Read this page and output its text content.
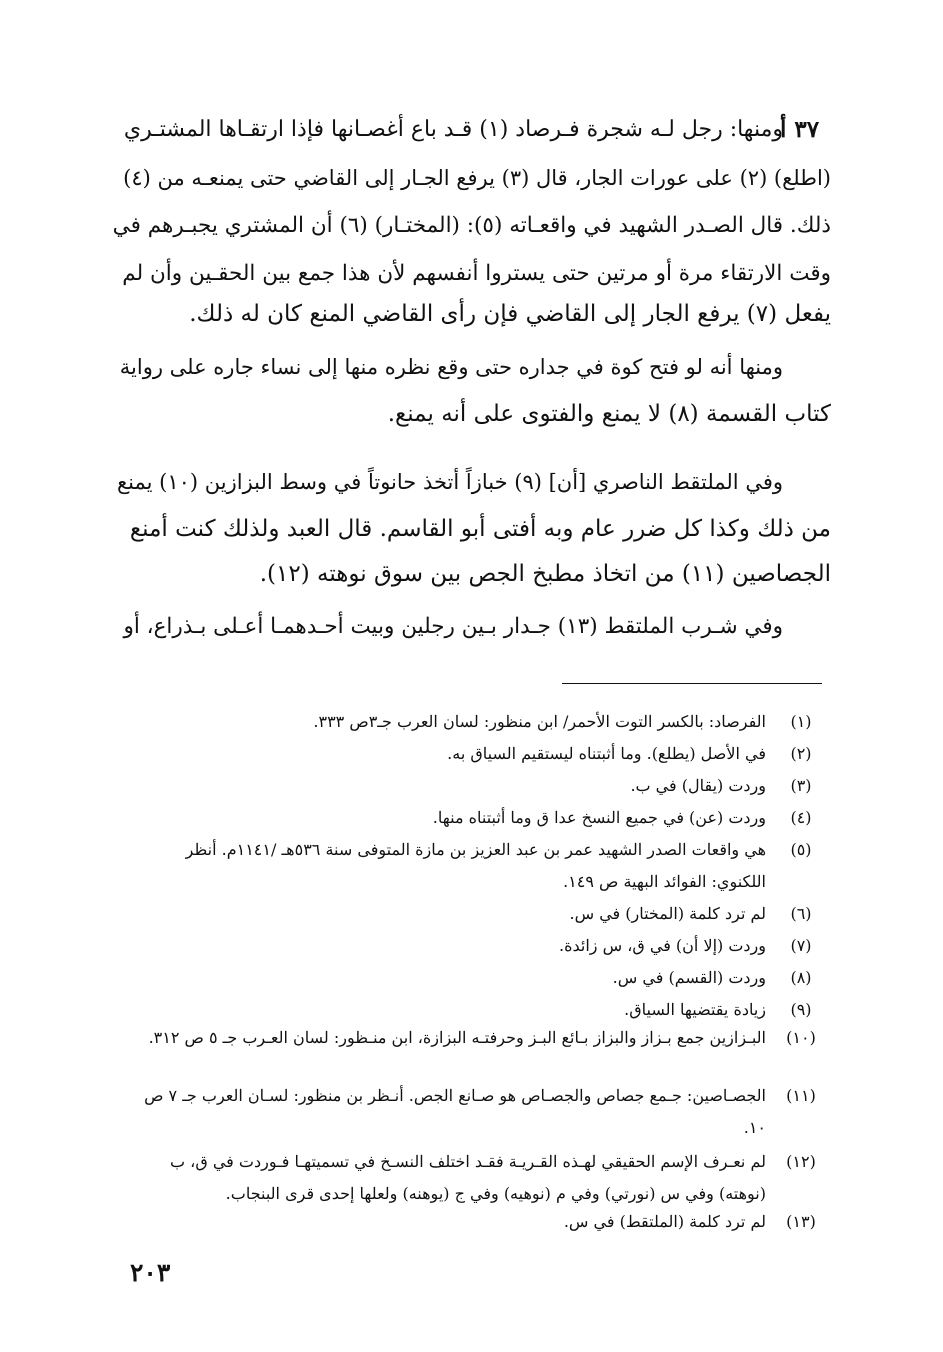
٣٧ أ
ومنها: رجل لـه شجرة فـرصاد (١) قـد باع أغصـانها فإذا ارتقـاها المشتـري
(اطلع) (٢) على عورات الجار، قال (٣) يرفع الجـار إلى القاضي حتى يمنعـه من (٤)
ذلك. قال الصـدر الشهيد في واقعـاته (٥): (المختـار) (٦) أن المشتري يجبـرهم في
وقت الارتقاء مرة أو مرتين حتى يستروا أنفسهم لأن هذا جمع بين الحقـين وأن لم
يفعل (٧) يرفع الجار إلى القاضي فإن رأى القاضي المنع كان له ذلك.
ومنها أنه لو فتح كوة في جداره حتى وقع نظره منها إلى نساء جاره على رواية
كتاب القسمة (٨) لا يمنع والفتوى على أنه يمنع.
وفي الملتقط الناصري [أن] (٩) خبازاً أتخذ حانوتاً في وسط البزازين (١٠) يمنع
من ذلك وكذا كل ضرر عام وبه أفتى أبو القاسم. قال العبد ولذلك كنت أمنع
الجصاصين (١١) من اتخاذ مطبخ الجص بين سوق نوهته (١٢).
وفي شـرب الملتقط (١٣) جـدار بـين رجلين وبيت أحـدهمـا أعـلى بـذراع، أو
(١)
الفرصاد: بالكسر التوت الأحمر/ ابن منظور: لسان العرب جـ٣ص ٣٣٣.
(٢)
في الأصل (يطلع). وما أثبتناه ليستقيم السياق به.
(٣)
وردت (يقال) في ب.
(٤)
وردت (عن) في جميع النسخ عدا ق وما أثبتناه منها.
(٥)
هي واقعات الصدر الشهيد عمر بن عبد العزيز بن مازة المتوفى سنة ٥٣٦هـ /١١٤١م. أنظر اللكنوي: الفوائد البهية ص ١٤٩.
(٦)
لم ترد كلمة (المختار) في س.
(٧)
وردت (إلا أن) في ق، س زائدة.
(٨)
وردت (القسم) في س.
(٩)
زيادة يقتضيها السياق.
(١٠)
البـزازين جمع بـزاز والبزاز بـائع البـز وحرفتـه البزازة، ابن منـظور: لسان العـرب جـ ٥ ص ٣١٢.
(١١)
الجصـاصين: جـمع جصاص والجصـاص هو صـانع الجص. أنـظر بن منظور: لسـان العرب جـ ٧ ص ١٠.
(١٢)
لم نعـرف الإسم الحقيقي لهـذه القـريـة فقـد اختلف النسـخ في تسميتهـا فـوردت في ق، ب (نوهته) وفي س (نورتي) وفي م (نوهيه) وفي ج (يوهنه) ولعلها إحدى قرى البنجاب.
(١٣)
لم ترد كلمة (الملتقط) في س.
٢٠٣
